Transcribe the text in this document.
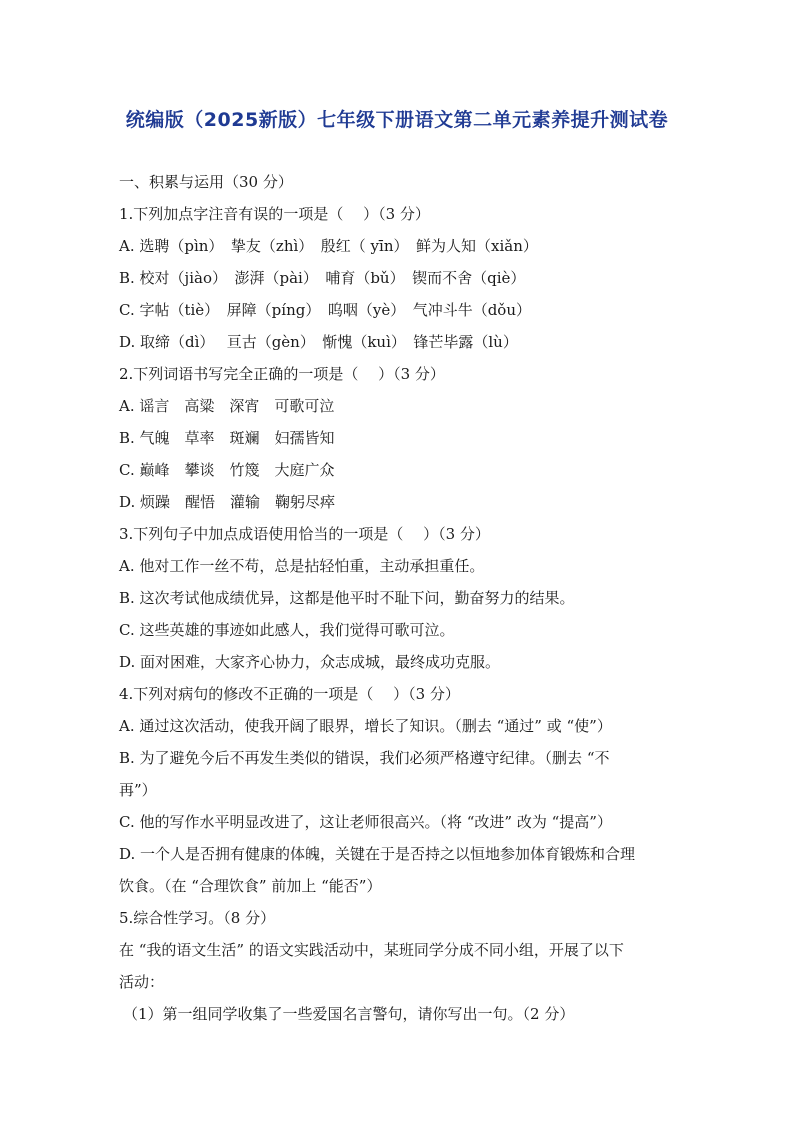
统编版（2025新版）七年级下册语文第二单元素养提升测试卷
一、积累与运用（30 分）
1.下列加点字注音有误的一项是（　 ）（3 分）
A. 选聘（pìn）　挚友（zhì）　殷红（ yīn）　鲜为人知（xiǎn）
B. 校对（jiào）　澎湃（pài）　哺育（bǔ）　锲而不舍（qiè）
C. 字帖（tiè）　屏障（píng）　呜咽（yè）　气冲斗牛（dǒu）
D. 取缔（dì）　 亘古（gèn）　惭愧（kuì）　锋芒毕露（lù）
2.下列词语书写完全正确的一项是（　 ）（3 分）
A. 谣言　高粱　深宵　可歌可泣
B. 气魄　草率　斑斓　妇孺皆知
C. 巅峰　攀谈　竹篾　大庭广众
D. 烦躁　醒悟　灌输　鞠躬尽瘁
3.下列句子中加点成语使用恰当的一项是（　 ）（3 分）
A. 他对工作一丝不苟，总是拈轻怕重，主动承担重任。
B. 这次考试他成绩优异，这都是他平时不耻下问，勤奋努力的结果。
C. 这些英雄的事迹如此感人，我们觉得可歌可泣。
D. 面对困难，大家齐心协力，众志成城，最终成功克服。
4.下列对病句的修改不正确的一项是（　 ）（3 分）
A. 通过这次活动，使我开阔了眼界，增长了知识。（删去 “通过” 或 “使”）
B. 为了避免今后不再发生类似的错误，我们必须严格遵守纪律。（删去 “不
再”）
C. 他的写作水平明显改进了，这让老师很高兴。（将 “改进” 改为 “提高”）
D. 一个人是否拥有健康的体魄，关键在于是否持之以恒地参加体育锻炼和合理
饮食。（在 “合理饮食” 前加上 “能否”）
5.综合性学习。（8 分）
在 “我的语文生活” 的语文实践活动中，某班同学分成不同小组，开展了以下
活动：
（1）第一组同学收集了一些爱国名言警句，请你写出一句。（2 分）
